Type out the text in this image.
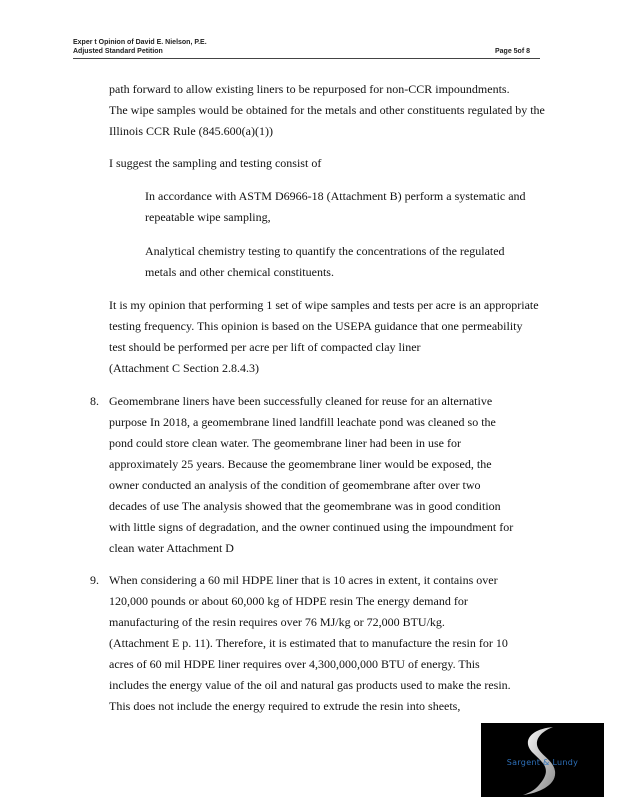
Exper t Opinion of David E. Nielson, P.E.
Adjusted Standard Petition	Page 5of 8
path forward to allow existing liners to be repurposed for non-CCR impoundments.
The wipe samples would be obtained for the metals and other constituents regulated by the
Illinois CCR Rule (845.600(a)(1))
I suggest the sampling and testing consist of
In accordance with ASTM D6966-18 (Attachment B) perform a systematic and
repeatable wipe sampling,
Analytical chemistry testing to quantify the concentrations of the regulated
metals and other chemical constituents.
It is my opinion that performing 1 set of wipe samples and tests per acre is an appropriate
testing frequency. This opinion is based on the USEPA guidance that one permeability
test should be performed per acre per lift of compacted clay liner
(Attachment C Section 2.8.4.3)
8. Geomembrane liners have been successfully cleaned for reuse for an alternative
purpose In 2018, a geomembrane lined landfill leachate pond was cleaned so the
pond could store clean water. The geomembrane liner had been in use for
approximately 25 years. Because the geomembrane liner would be exposed, the
owner conducted an analysis of the condition of geomembrane after over two
decades of use The analysis showed that the geomembrane was in good condition
with little signs of degradation, and the owner continued using the impoundment for
clean water Attachment D
9. When considering a 60 mil HDPE liner that is 10 acres in extent, it contains over
120,000 pounds or about 60,000 kg of HDPE resin The energy demand for
manufacturing of the resin requires over 76 MJ/kg or 72,000 BTU/kg.
(Attachment E p. 11). Therefore, it is estimated that to manufacture the resin for 10
acres of 60 mil HDPE liner requires over 4,300,000,000 BTU of energy. This
includes the energy value of the oil and natural gas products used to make the resin.
This does not include the energy required to extrude the resin into sheets,
Sargent & Lundy
